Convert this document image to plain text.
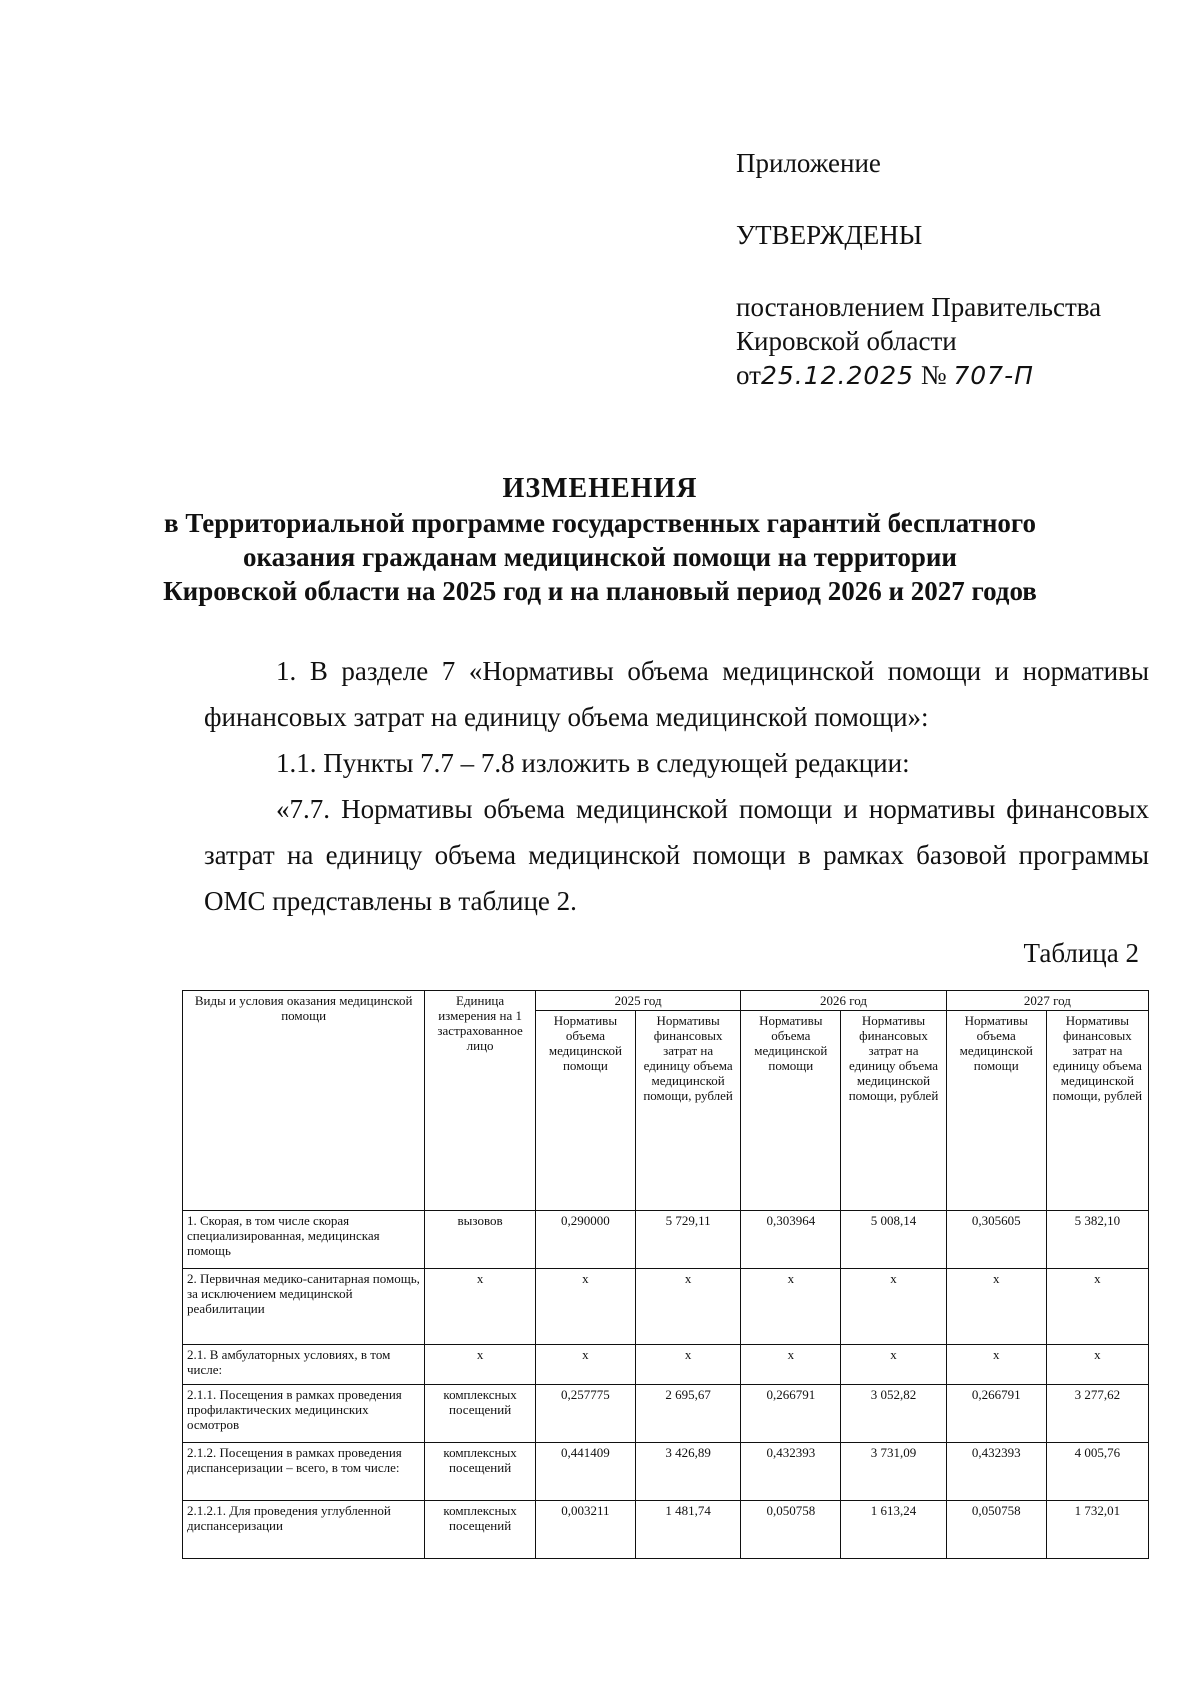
Приложение
УТВЕРЖДЕНЫ
постановлением Правительства
Кировской области
от25.12.2025 № 707-П
ИЗМЕНЕНИЯ
в Территориальной программе государственных гарантий бесплатного
оказания гражданам медицинской помощи на территории
Кировской области на 2025 год и на плановый период 2026 и 2027 годов

1. В разделе 7 «Нормативы объема медицинской помощи и нормативы финансовых затрат на единицу объема медицинской помощи»:

1.1. Пункты 7.7 – 7.8 изложить в следующей редакции:

«7.7. Нормативы объема медицинской помощи и нормативы финансовых затрат на единицу объема медицинской помощи в рамках базовой программы ОМС представлены в таблице 2.

Таблица 2
Виды и условия оказания медицинской помощи	Единица измерения на 1 застрахованное лицо	2025 год		2026 год		2027 год	
		Нормативы объема медицинской помощи	Нормативы финансовых затрат на единицу объема медицинской помощи, рублей	Нормативы объема медицинской помощи	Нормативы финансовых затрат на единицу объема медицинской помощи, рублей	Нормативы объема медицинской помощи	Нормативы финансовых затрат на единицу объема медицинской помощи, рублей
1. Скорая, в том числе скорая специализированная, медицинская помощь	вызовов	0,290000	5 729,11	0,303964	5 008,14	0,305605	5 382,10
2. Первичная медико-санитарная помощь, за исключением медицинской реабилитации	х	х	х	х	х	х	х
2.1. В амбулаторных условиях, в том числе:	х	х	х	х	х	х	х
2.1.1. Посещения в рамках проведения профилактических медицинских осмотров	комплексных посещений	0,257775	2 695,67	0,266791	3 052,82	0,266791	3 277,62
2.1.2. Посещения в рамках проведения диспансеризации – всего, в том числе:	комплексных посещений	0,441409	3 426,89	0,432393	3 731,09	0,432393	4 005,76
2.1.2.1. Для проведения углубленной диспансеризации	комплексных посещений	0,003211	1 481,74	0,050758	1 613,24	0,050758	1 732,01
